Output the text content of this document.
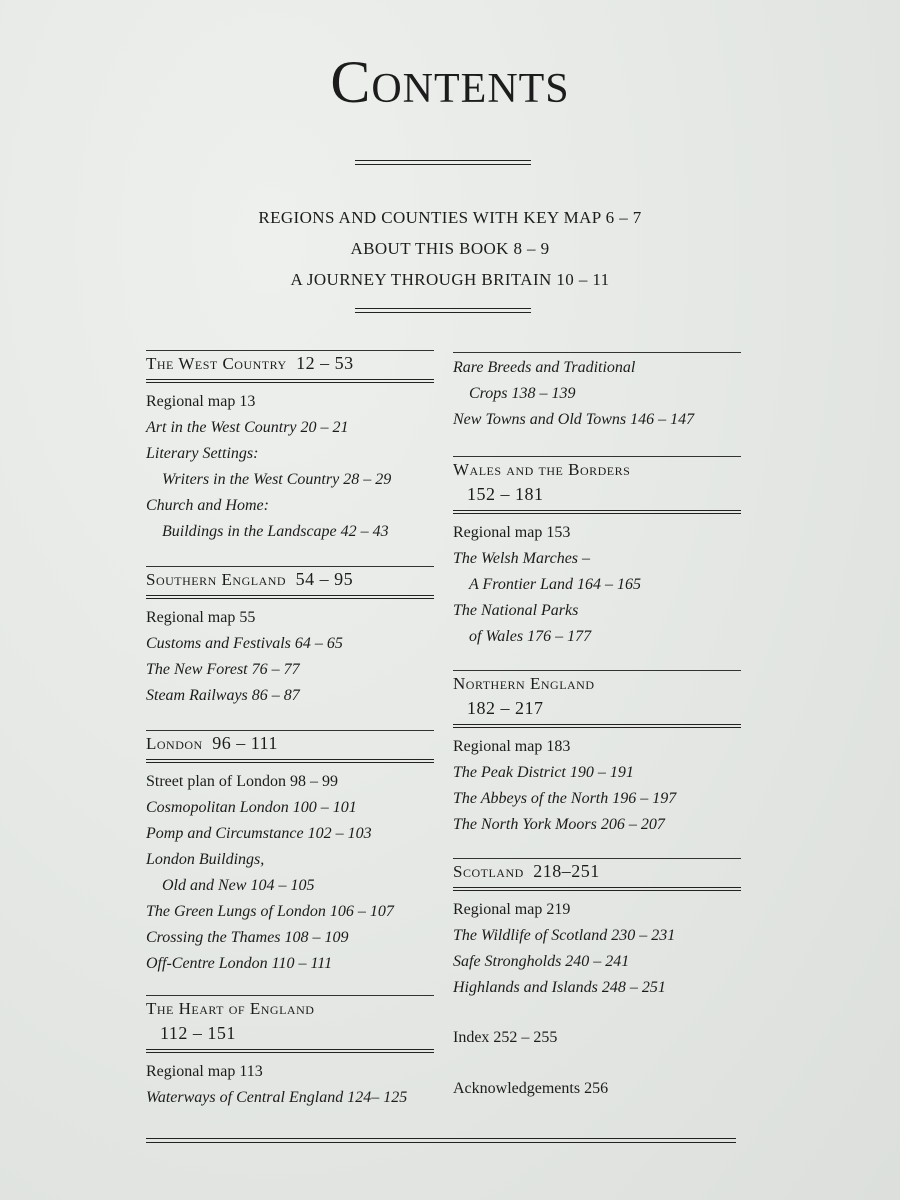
Contents
REGIONS AND COUNTIES WITH KEY MAP 6 – 7
ABOUT THIS BOOK 8 – 9
A JOURNEY THROUGH BRITAIN 10 – 11
The West Country 12 – 53
Regional map 13
Art in the West Country 20 – 21
Literary Settings:
Writers in the West Country 28 – 29
Church and Home:
Buildings in the Landscape 42 – 43
Southern England 54 – 95
Regional map 55
Customs and Festivals 64 – 65
The New Forest 76 – 77
Steam Railways 86 – 87
London 96 – 111
Street plan of London 98 – 99
Cosmopolitan London 100 – 101
Pomp and Circumstance 102 – 103
London Buildings,
Old and New 104 – 105
The Green Lungs of London 106 – 107
Crossing the Thames 108 – 109
Off-Centre London 110 – 111
The Heart of England
112 – 151
Regional map 113
Waterways of Central England 124– 125
Rare Breeds and Traditional
Crops 138 – 139
New Towns and Old Towns 146 – 147
Wales and the Borders
152 – 181
Regional map 153
The Welsh Marches –
A Frontier Land 164 – 165
The National Parks
of Wales 176 – 177
Northern England
182 – 217
Regional map 183
The Peak District 190 – 191
The Abbeys of the North 196 – 197
The North York Moors 206 – 207
Scotland 218–251
Regional map 219
The Wildlife of Scotland 230 – 231
Safe Strongholds 240 – 241
Highlands and Islands 248 – 251
Index 252 – 255
Acknowledgements 256
